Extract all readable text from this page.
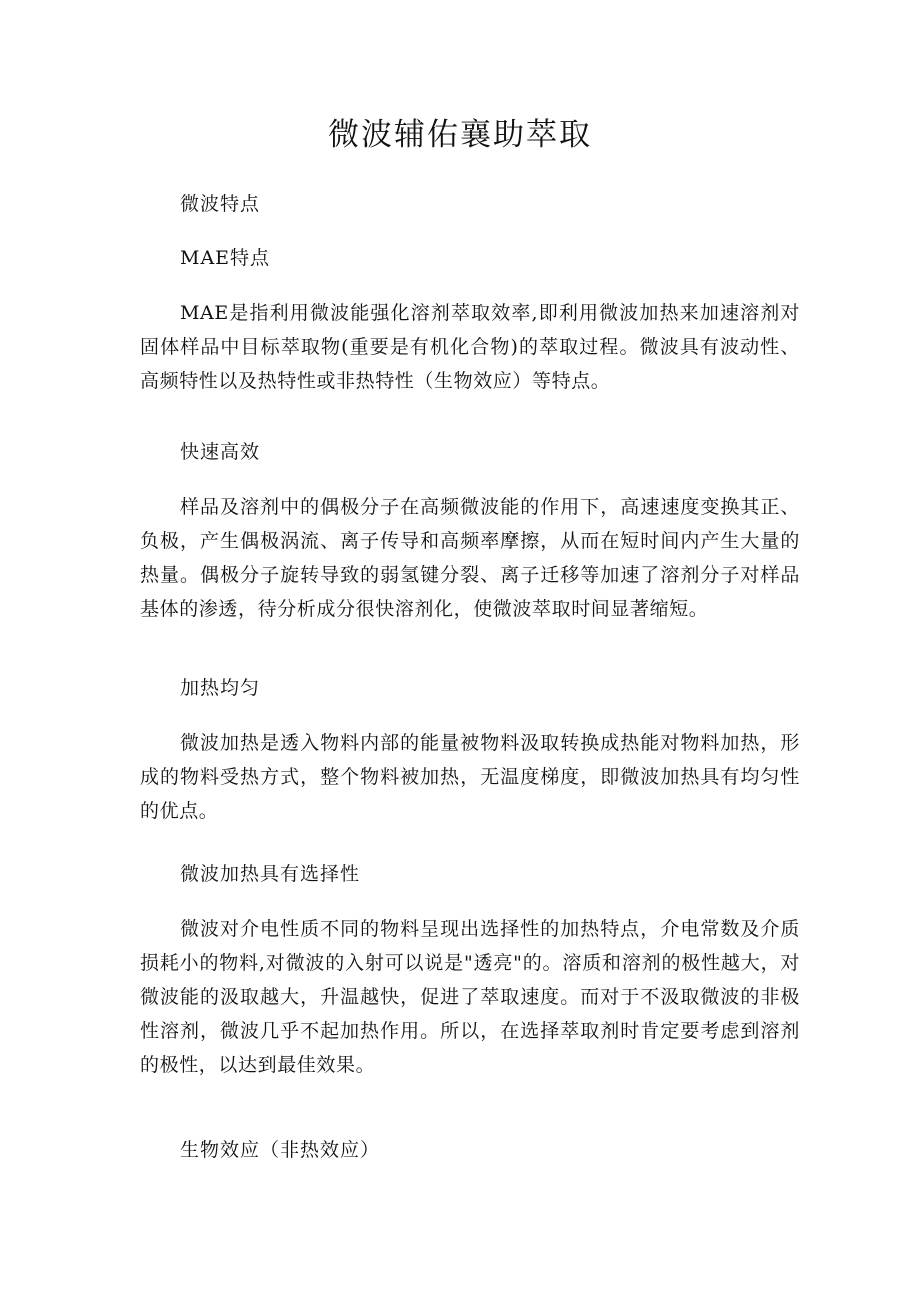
微波辅佑襄助萃取

微波特点

MAE特点

MAE是指利用微波能强化溶剂萃取效率,即利用微波加热来加速溶剂对固体样品中目标萃取物(重要是有机化合物)的萃取过程。微波具有波动性、高频特性以及热特性或非热特性（生物效应）等特点。

快速高效

样品及溶剂中的偶极分子在高频微波能的作用下，高速速度变换其正、负极，产生偶极涡流、离子传导和高频率摩擦，从而在短时间内产生大量的热量。偶极分子旋转导致的弱氢键分裂、离子迁移等加速了溶剂分子对样品基体的渗透，待分析成分很快溶剂化，使微波萃取时间显著缩短。

加热均匀

微波加热是透入物料内部的能量被物料汲取转换成热能对物料加热，形成的物料受热方式，整个物料被加热，无温度梯度，即微波加热具有均匀性的优点。

微波加热具有选择性

微波对介电性质不同的物料呈现出选择性的加热特点，介电常数及介质损耗小的物料,对微波的入射可以说是"透亮"的。溶质和溶剂的极性越大，对微波能的汲取越大，升温越快，促进了萃取速度。而对于不汲取微波的非极性溶剂，微波几乎不起加热作用。所以，在选择萃取剂时肯定要考虑到溶剂的极性，以达到最佳效果。

生物效应（非热效应）
